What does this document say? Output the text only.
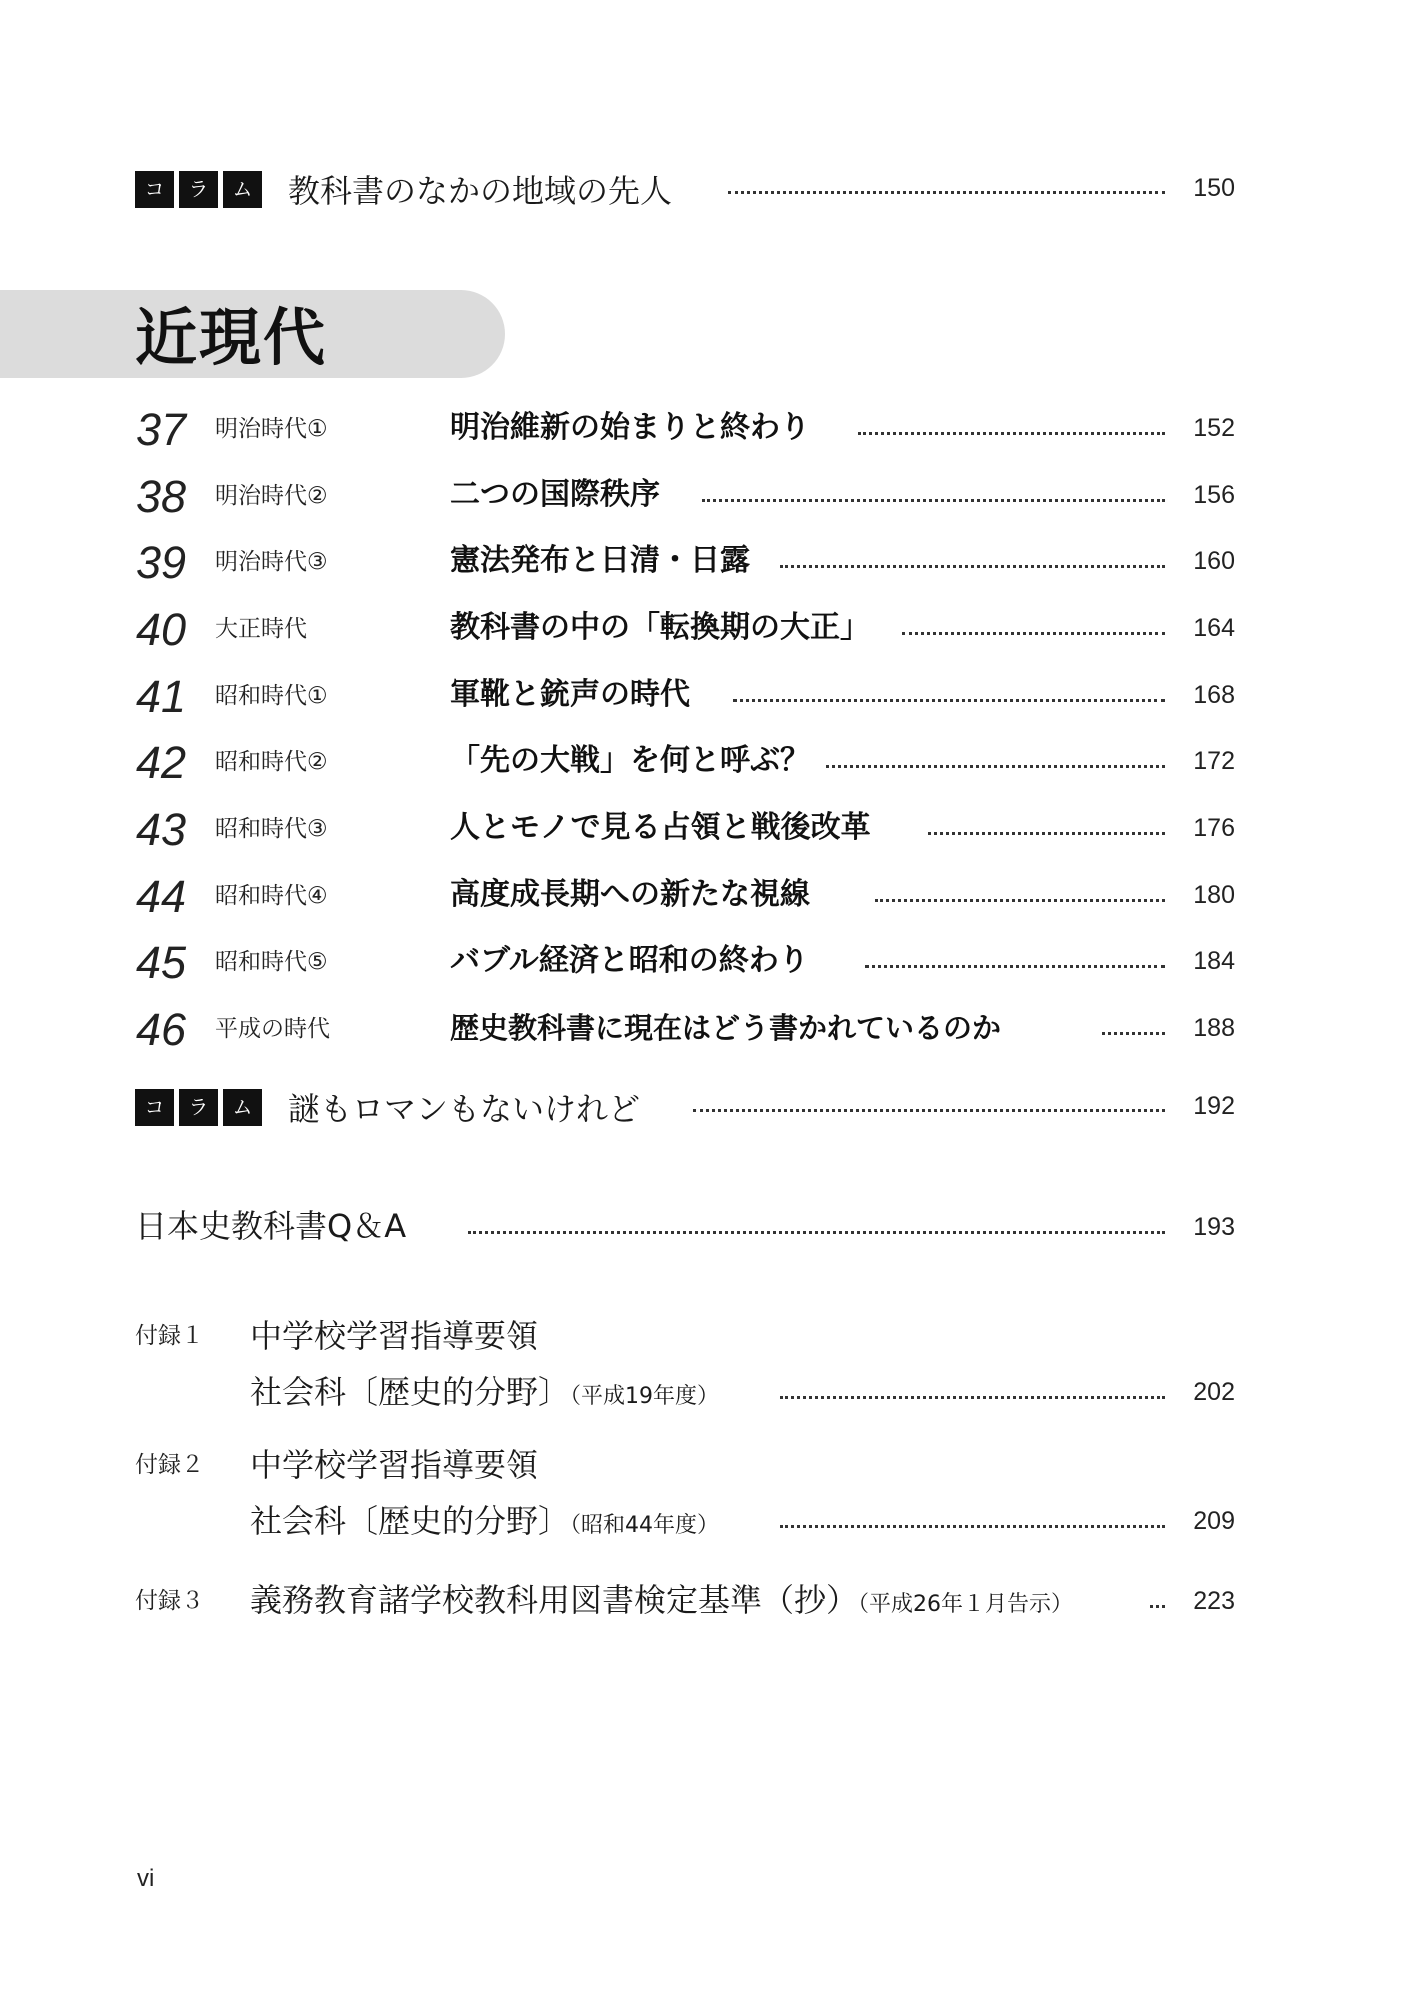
コ	ラ	ム 教科書のなかの地域の先人	150
近現代
37	明治時代①	明治維新の始まりと終わり	152
38	明治時代②	二つの国際秩序	156
39	明治時代③	憲法発布と日清・日露	160
40	大正時代	教科書の中の「転換期の大正」	164
41	昭和時代①	軍靴と銃声の時代	168
42	昭和時代②	「先の大戦」を何と呼ぶ？	172
43	昭和時代③	人とモノで見る占領と戦後改革	176
44	昭和時代④	高度成長期への新たな視線	180
45	昭和時代⑤	バブル経済と昭和の終わり	184
46	平成の時代	歴史教科書に現在はどう書かれているのか	188
コ	ラ	ム 謎もロマンもないけれど	192
日本史教科書Q＆A	193
付録１ 中学校学習指導要領
社会科〔歴史的分野〕（平成19年度）	202
付録２ 中学校学習指導要領
社会科〔歴史的分野〕（昭和44年度）	209
付録３ 義務教育諸学校教科用図書検定基準（抄）（平成26年１月告示）	223
vi
